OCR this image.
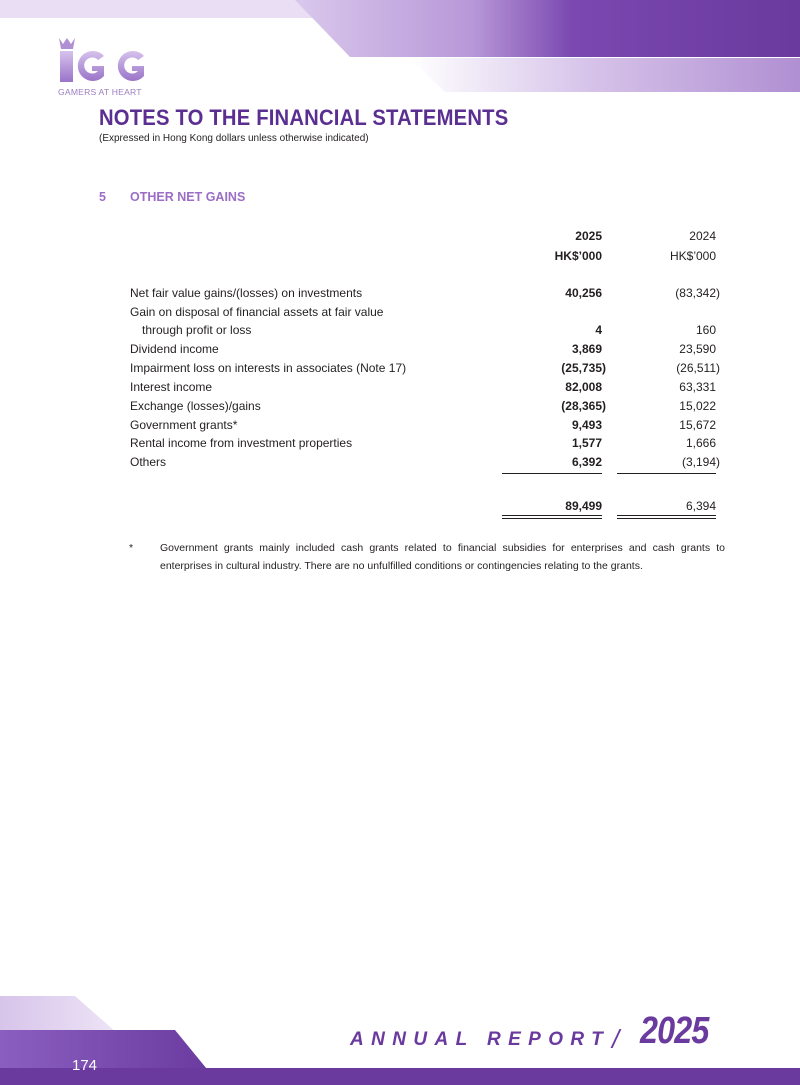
GAMERS AT HEART
NOTES TO THE FINANCIAL STATEMENTS
(Expressed in Hong Kong dollars unless otherwise indicated)
5 OTHER NET GAINS
2025	2024
HK$’000	HK$’000
Net fair value gains/(losses) on investments	40,256	(83,342)
Gain on disposal of financial assets at fair value
through profit or loss	4	160
Dividend income	3,869	23,590
Impairment loss on interests in associates (Note 17)	(25,735)	(26,511)
Interest income	82,008	63,331
Exchange (losses)/gains	(28,365)	15,022
Government grants*	9,493	15,672
Rental income from investment properties	1,577	1,666
Others	6,392	(3,194)
89,499	6,394
*	Government grants mainly included cash grants related to financial subsidies for enterprises and cash grants to enterprises in cultural industry. There are no unfulfilled conditions or contingencies relating to the grants.
174
ANNUAL REPORT / 2025
